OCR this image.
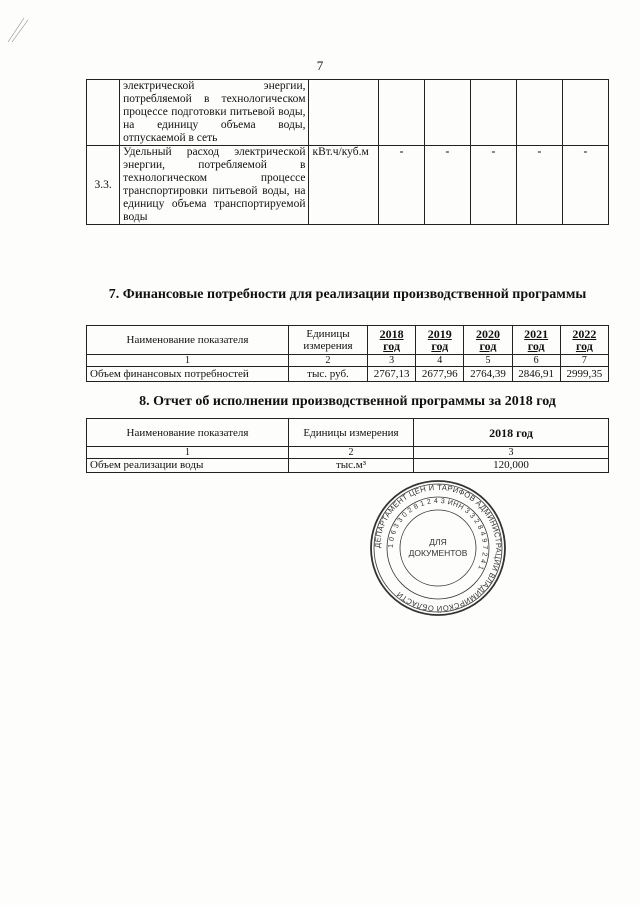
7
	электрической энергии, потребляемой в технологическом процессе подготовки питьевой воды, на единицу объема воды, отпускаемой в сеть						
3.3.	Удельный расход электрической энергии, потребляемой в технологическом процессе транспортировки питьевой воды, на единицу объема транспортируемой воды	кВт.ч/куб.м	-	-	-	-	-
7. Финансовые потребности для реализации производственной программы
Наименование показателя	Единицы измерения	2018 год	2019 год	2020 год	2021 год	2022 год
1	2	3	4	5	6	7
Объем финансовых потребностей	тыс. руб.	2767,13	2677,96	2764,39	2846,91	2999,35
8. Отчет об исполнении производственной программы за 2018 год
Наименование показателя	Единицы измерения	2018 год
1	2	3
Объем реализации воды	тыс.м³	120,000
ДЕПАРТАМЕНТ ЦЕН И ТАРИФОВ АДМИНИСТРАЦИИ ВЛАДИМИРСКОЙ ОБЛАСТИ
1 0 6 3 3 0 2 8 1 2 4 3 ИНН 3 3 2 8 4 9 7 2 4 1
ДЛЯ
ДОКУМЕНТОВ
